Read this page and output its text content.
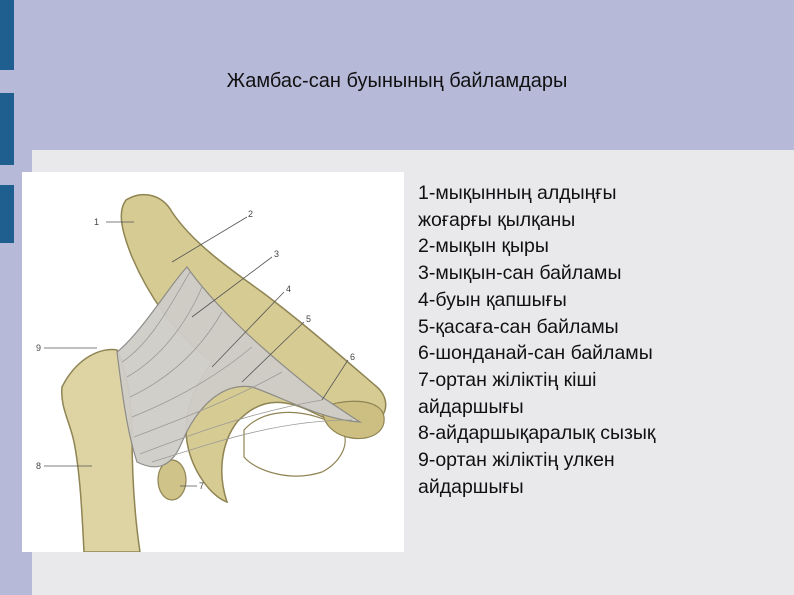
Жамбас-сан буынының байламдары
1
2
3
4
5
6
7
8
9
1-мықынның алдыңғы
жоғарғы қылқаны
2-мықын қыры
3-мықын-сан байламы
4-буын қапшығы
5-қасаға-сан байламы
6-шонданай-сан байламы
7-ортан жіліктің кіші
айдаршығы
8-айдаршықаралық сызық
9-ортан жіліктің улкен
айдаршығы
